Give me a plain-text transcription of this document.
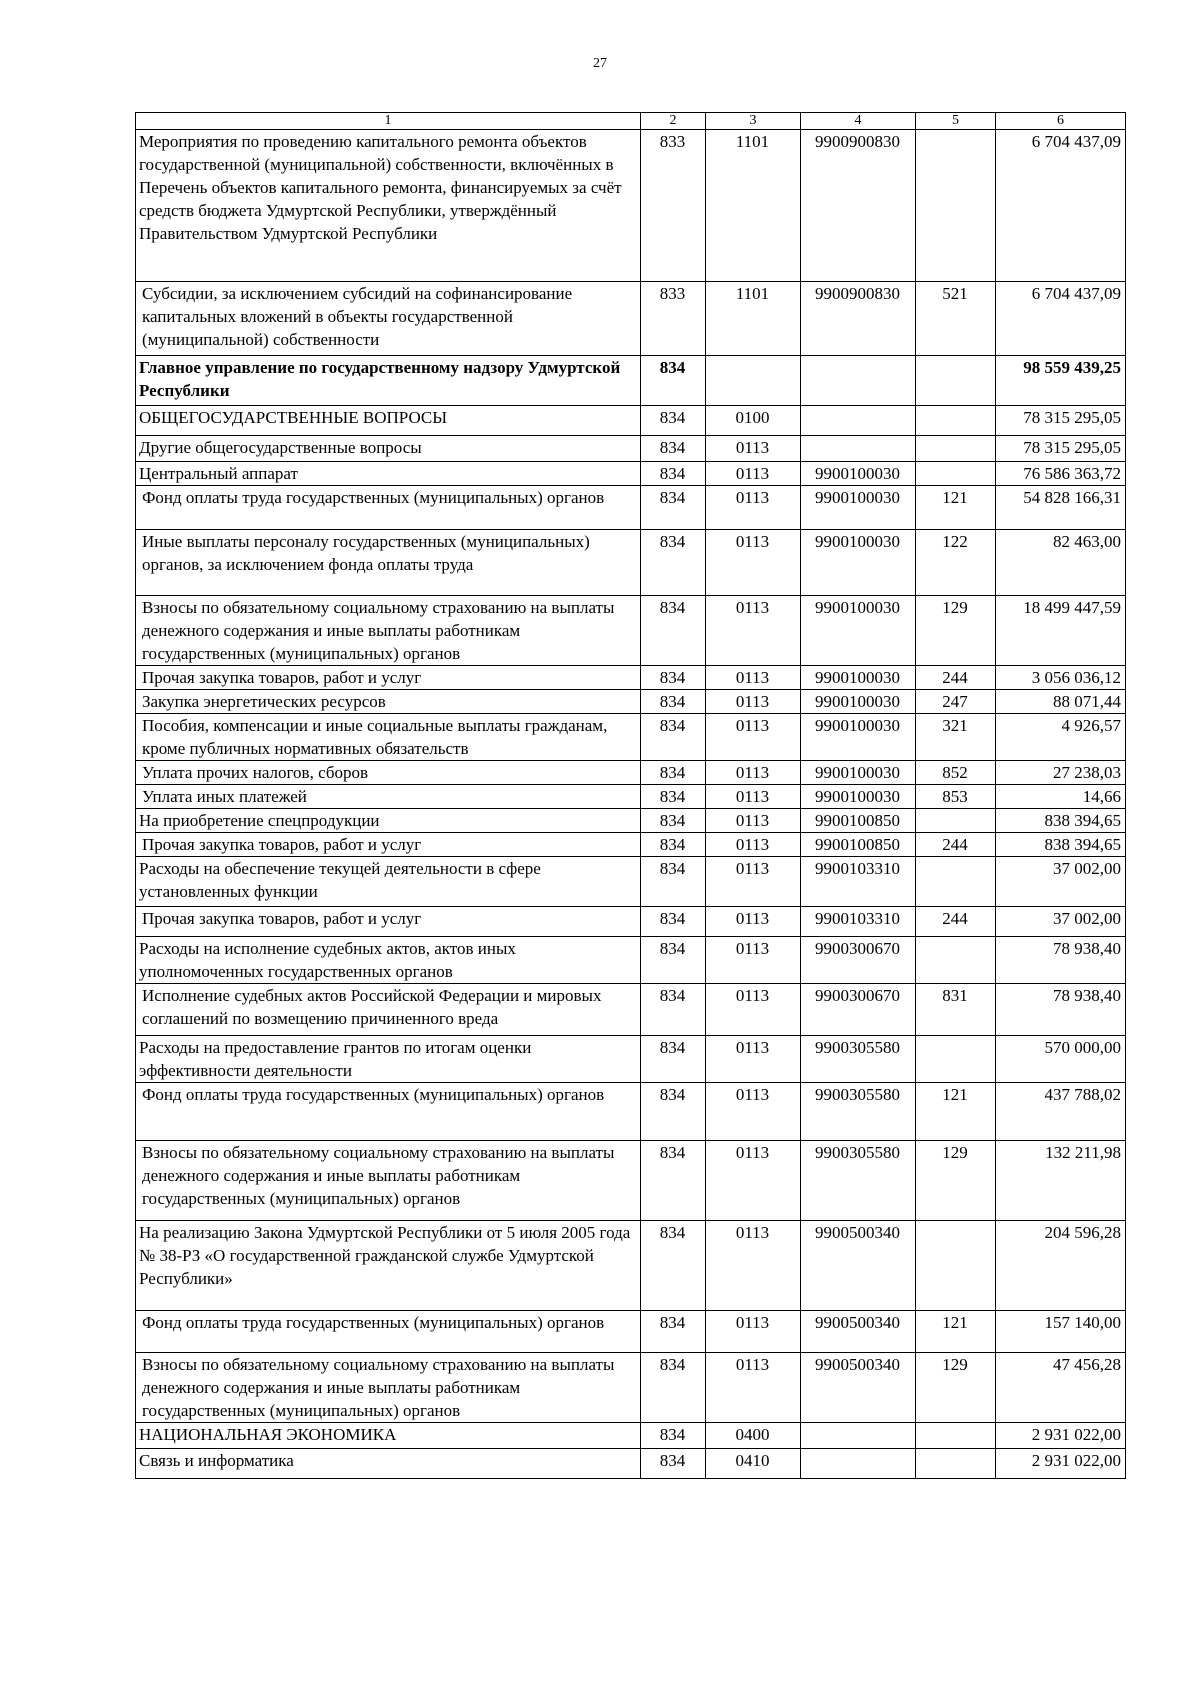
27
1	2	3	4	5	6
Мероприятия по проведению капитального ремонта объектов государственной (муниципальной) собственности, включённых в Перечень объектов капитального ремонта, финансируемых за счёт средств бюджета Удмуртской Республики, утверждённый Правительством Удмуртской Республики	833	1101	9900900830		6 704 437,09
Субсидии, за исключением субсидий на софинансирование капитальных вложений в объекты государственной (муниципальной) собственности	833	1101	9900900830	521	6 704 437,09
Главное управление по государственному надзору Удмуртской Республики	834				98 559 439,25
ОБЩЕГОСУДАРСТВЕННЫЕ ВОПРОСЫ	834	0100			78 315 295,05
Другие общегосударственные вопросы	834	0113			78 315 295,05
Центральный аппарат	834	0113	9900100030		76 586 363,72
Фонд оплаты труда государственных (муниципальных) органов	834	0113	9900100030	121	54 828 166,31
Иные выплаты персоналу государственных (муниципальных) органов, за исключением фонда оплаты труда	834	0113	9900100030	122	82 463,00
Взносы по обязательному социальному страхованию на выплаты денежного содержания и иные выплаты работникам государственных (муниципальных) органов	834	0113	9900100030	129	18 499 447,59
Прочая закупка товаров, работ и услуг	834	0113	9900100030	244	3 056 036,12
Закупка энергетических ресурсов	834	0113	9900100030	247	88 071,44
Пособия, компенсации и иные социальные выплаты гражданам, кроме публичных нормативных обязательств	834	0113	9900100030	321	4 926,57
Уплата прочих налогов, сборов	834	0113	9900100030	852	27 238,03
Уплата иных платежей	834	0113	9900100030	853	14,66
На приобретение спецпродукции	834	0113	9900100850		838 394,65
Прочая закупка товаров, работ и услуг	834	0113	9900100850	244	838 394,65
Расходы на обеспечение текущей деятельности в сфере установленных функции	834	0113	9900103310		37 002,00
Прочая закупка товаров, работ и услуг	834	0113	9900103310	244	37 002,00
Расходы на исполнение судебных актов, актов иных уполномоченных государственных органов	834	0113	9900300670		78 938,40
Исполнение судебных актов Российской Федерации и мировых соглашений по возмещению причиненного вреда	834	0113	9900300670	831	78 938,40
Расходы на предоставление грантов по итогам оценки эффективности деятельности	834	0113	9900305580		570 000,00
Фонд оплаты труда государственных (муниципальных) органов	834	0113	9900305580	121	437 788,02
Взносы по обязательному социальному страхованию на выплаты денежного содержания и иные выплаты работникам государственных (муниципальных) органов	834	0113	9900305580	129	132 211,98
На реализацию Закона Удмуртской Республики от 5 июля 2005 года № 38-РЗ «О государственной гражданской службе Удмуртской Республики»	834	0113	9900500340		204 596,28
Фонд оплаты труда государственных (муниципальных) органов	834	0113	9900500340	121	157 140,00
Взносы по обязательному социальному страхованию на выплаты денежного содержания и иные выплаты работникам государственных (муниципальных) органов	834	0113	9900500340	129	47 456,28
НАЦИОНАЛЬНАЯ ЭКОНОМИКА	834	0400			2 931 022,00
Связь и информатика	834	0410			2 931 022,00
